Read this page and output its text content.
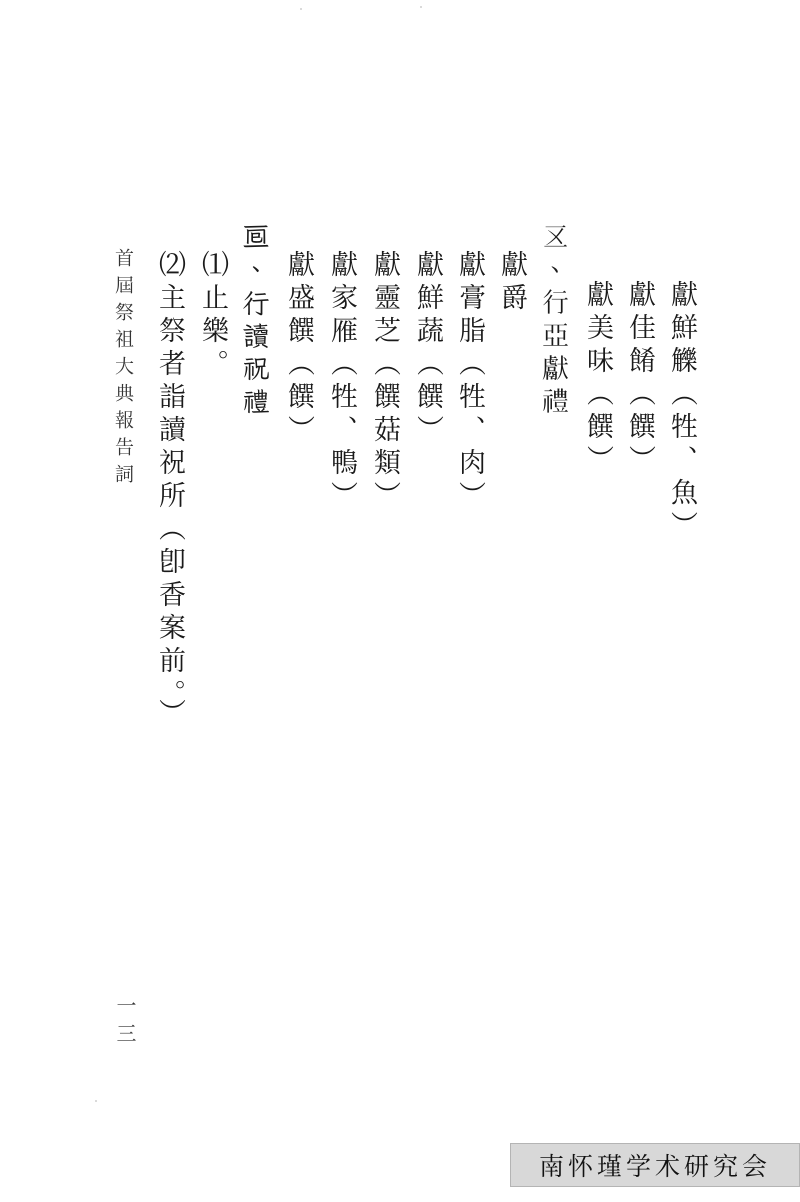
獻鮮觻︵牲、魚︶
獻佳餚︵饌︶
獻美味︵饌︶
𠄡、行亞獻禮
獻爵
獻膏脂︵牲、肉︶
獻鮮蔬︵饌︶
獻靈芝︵饌菇類︶
獻家雁︵牲、鴨︶
獻盛饌︵饌︶
𠄢、行讀祝禮
⑴止樂。
⑵主祭者詣讀祝所︵卽香案前。︶
首屆祭祖大典報告詞
一三
南怀瑾学术研究会
